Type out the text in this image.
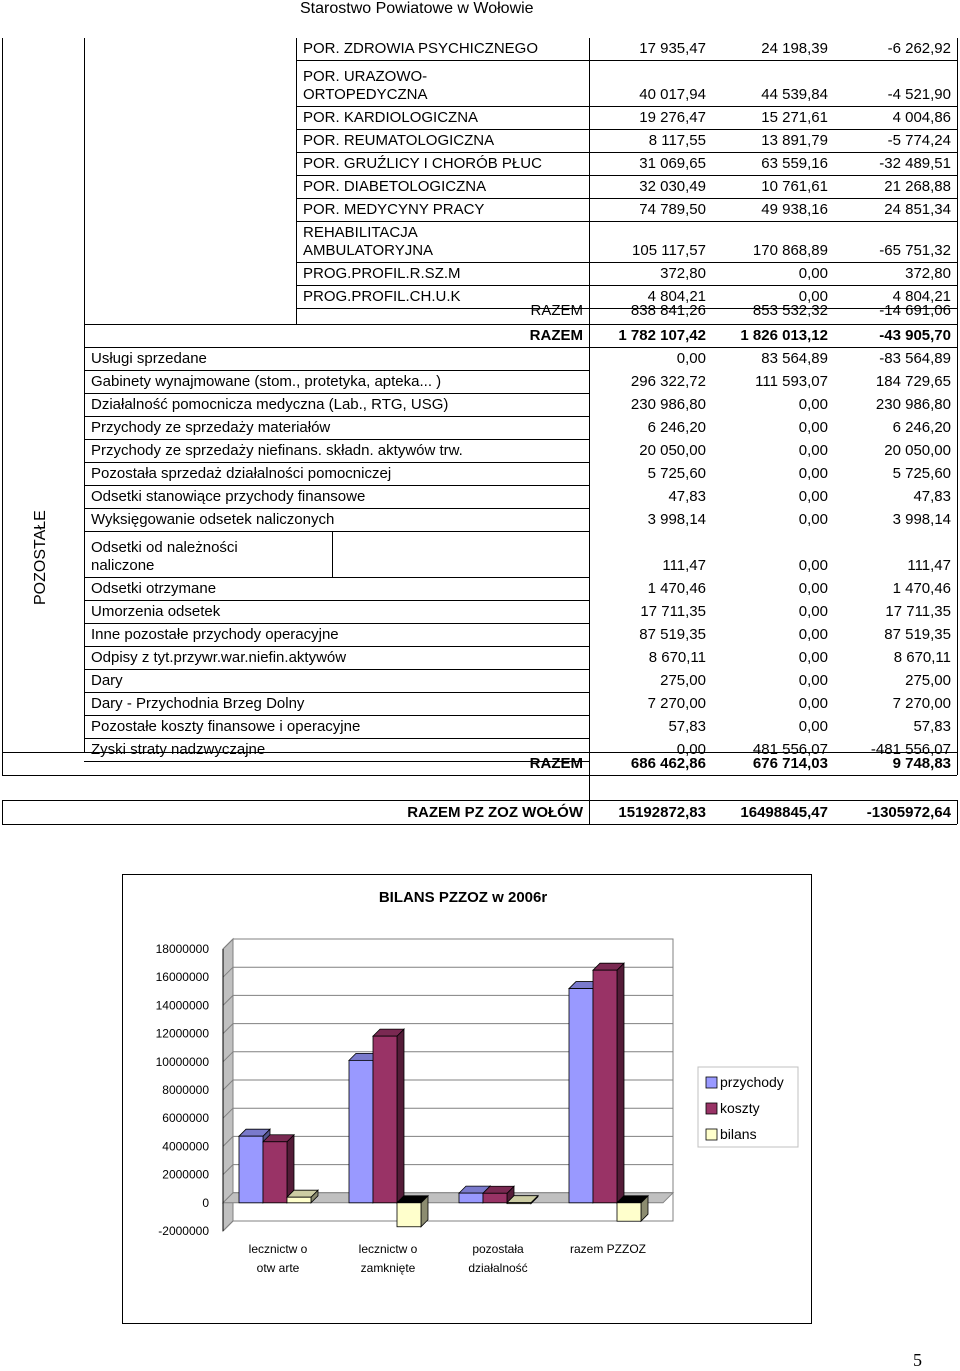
Starostwo Powiatowe w Wołowie
POR. ZDROWIA PSYCHICZNEGO	17 935,47	24 198,39	-6 262,92
POR. URAZOWO-
ORTOPEDYCZNA	40 017,94	44 539,84	-4 521,90
POR. KARDIOLOGICZNA	19 276,47	15 271,61	4 004,86
POR. REUMATOLOGICZNA	8 117,55	13 891,79	-5 774,24
POR. GRUŹLICY I CHORÓB PŁUC	31 069,65	63 559,16	-32 489,51
POR. DIABETOLOGICZNA	32 030,49	10 761,61	21 268,88
POR. MEDYCYNY PRACY	74 789,50	49 938,16	24 851,34
REHABILITACJA
AMBULATORYJNA	105 117,57	170 868,89	-65 751,32
PROG.PROFIL.R.SZ.M	372,80	0,00	372,80
PROG.PROFIL.CH.U.K	4 804,21	0,00	4 804,21
RAZEM	838 841,26	853 532,32	-14 691,06
RAZEM	1 782 107,42	1 826 013,12	-43 905,70
Usługi sprzedane	0,00	83 564,89	-83 564,89
Gabinety wynajmowane (stom., protetyka, apteka... )	296 322,72	111 593,07	184 729,65
Działalność pomocnicza medyczna (Lab., RTG, USG)	230 986,80	0,00	230 986,80
Przychody ze sprzedaży materiałów	6 246,20	0,00	6 246,20
Przychody ze sprzedaży niefinans. składn. aktywów trw.	20 050,00	0,00	20 050,00
Pozostała sprzedaż działalności pomocniczej	5 725,60	0,00	5 725,60
Odsetki stanowiące przychody finansowe	47,83	0,00	47,83
Wyksięgowanie odsetek naliczonych	3 998,14	0,00	3 998,14
Odsetki od należności
naliczone	111,47	0,00	111,47
Odsetki otrzymane	1 470,46	0,00	1 470,46
Umorzenia odsetek	17 711,35	0,00	17 711,35
Inne pozostałe przychody operacyjne	87 519,35	0,00	87 519,35
Odpisy z tyt.przywr.war.niefin.aktywów	8 670,11	0,00	8 670,11
Dary	275,00	0,00	275,00
Dary - Przychodnia Brzeg Dolny	7 270,00	0,00	7 270,00
Pozostałe koszty finansowe i operacyjne	57,83	0,00	57,83
Zyski straty nadzwyczajne	0,00	481 556,07	-481 556,07
RAZEM	686 462,86	676 714,03	9 748,83
RAZEM PZ ZOZ WOŁÓW	15192872,83	16498845,47	-1305972,64
POZOSTAŁE
BILANS PZZOZ w 2006r
18000000
16000000
14000000
12000000
10000000
8000000
6000000
4000000
2000000
0
-2000000
lecznictw o
otw arte
lecznictw o
zamknięte
pozostała
działalność
razem PZZOZ
przychody
koszty
bilans
5
